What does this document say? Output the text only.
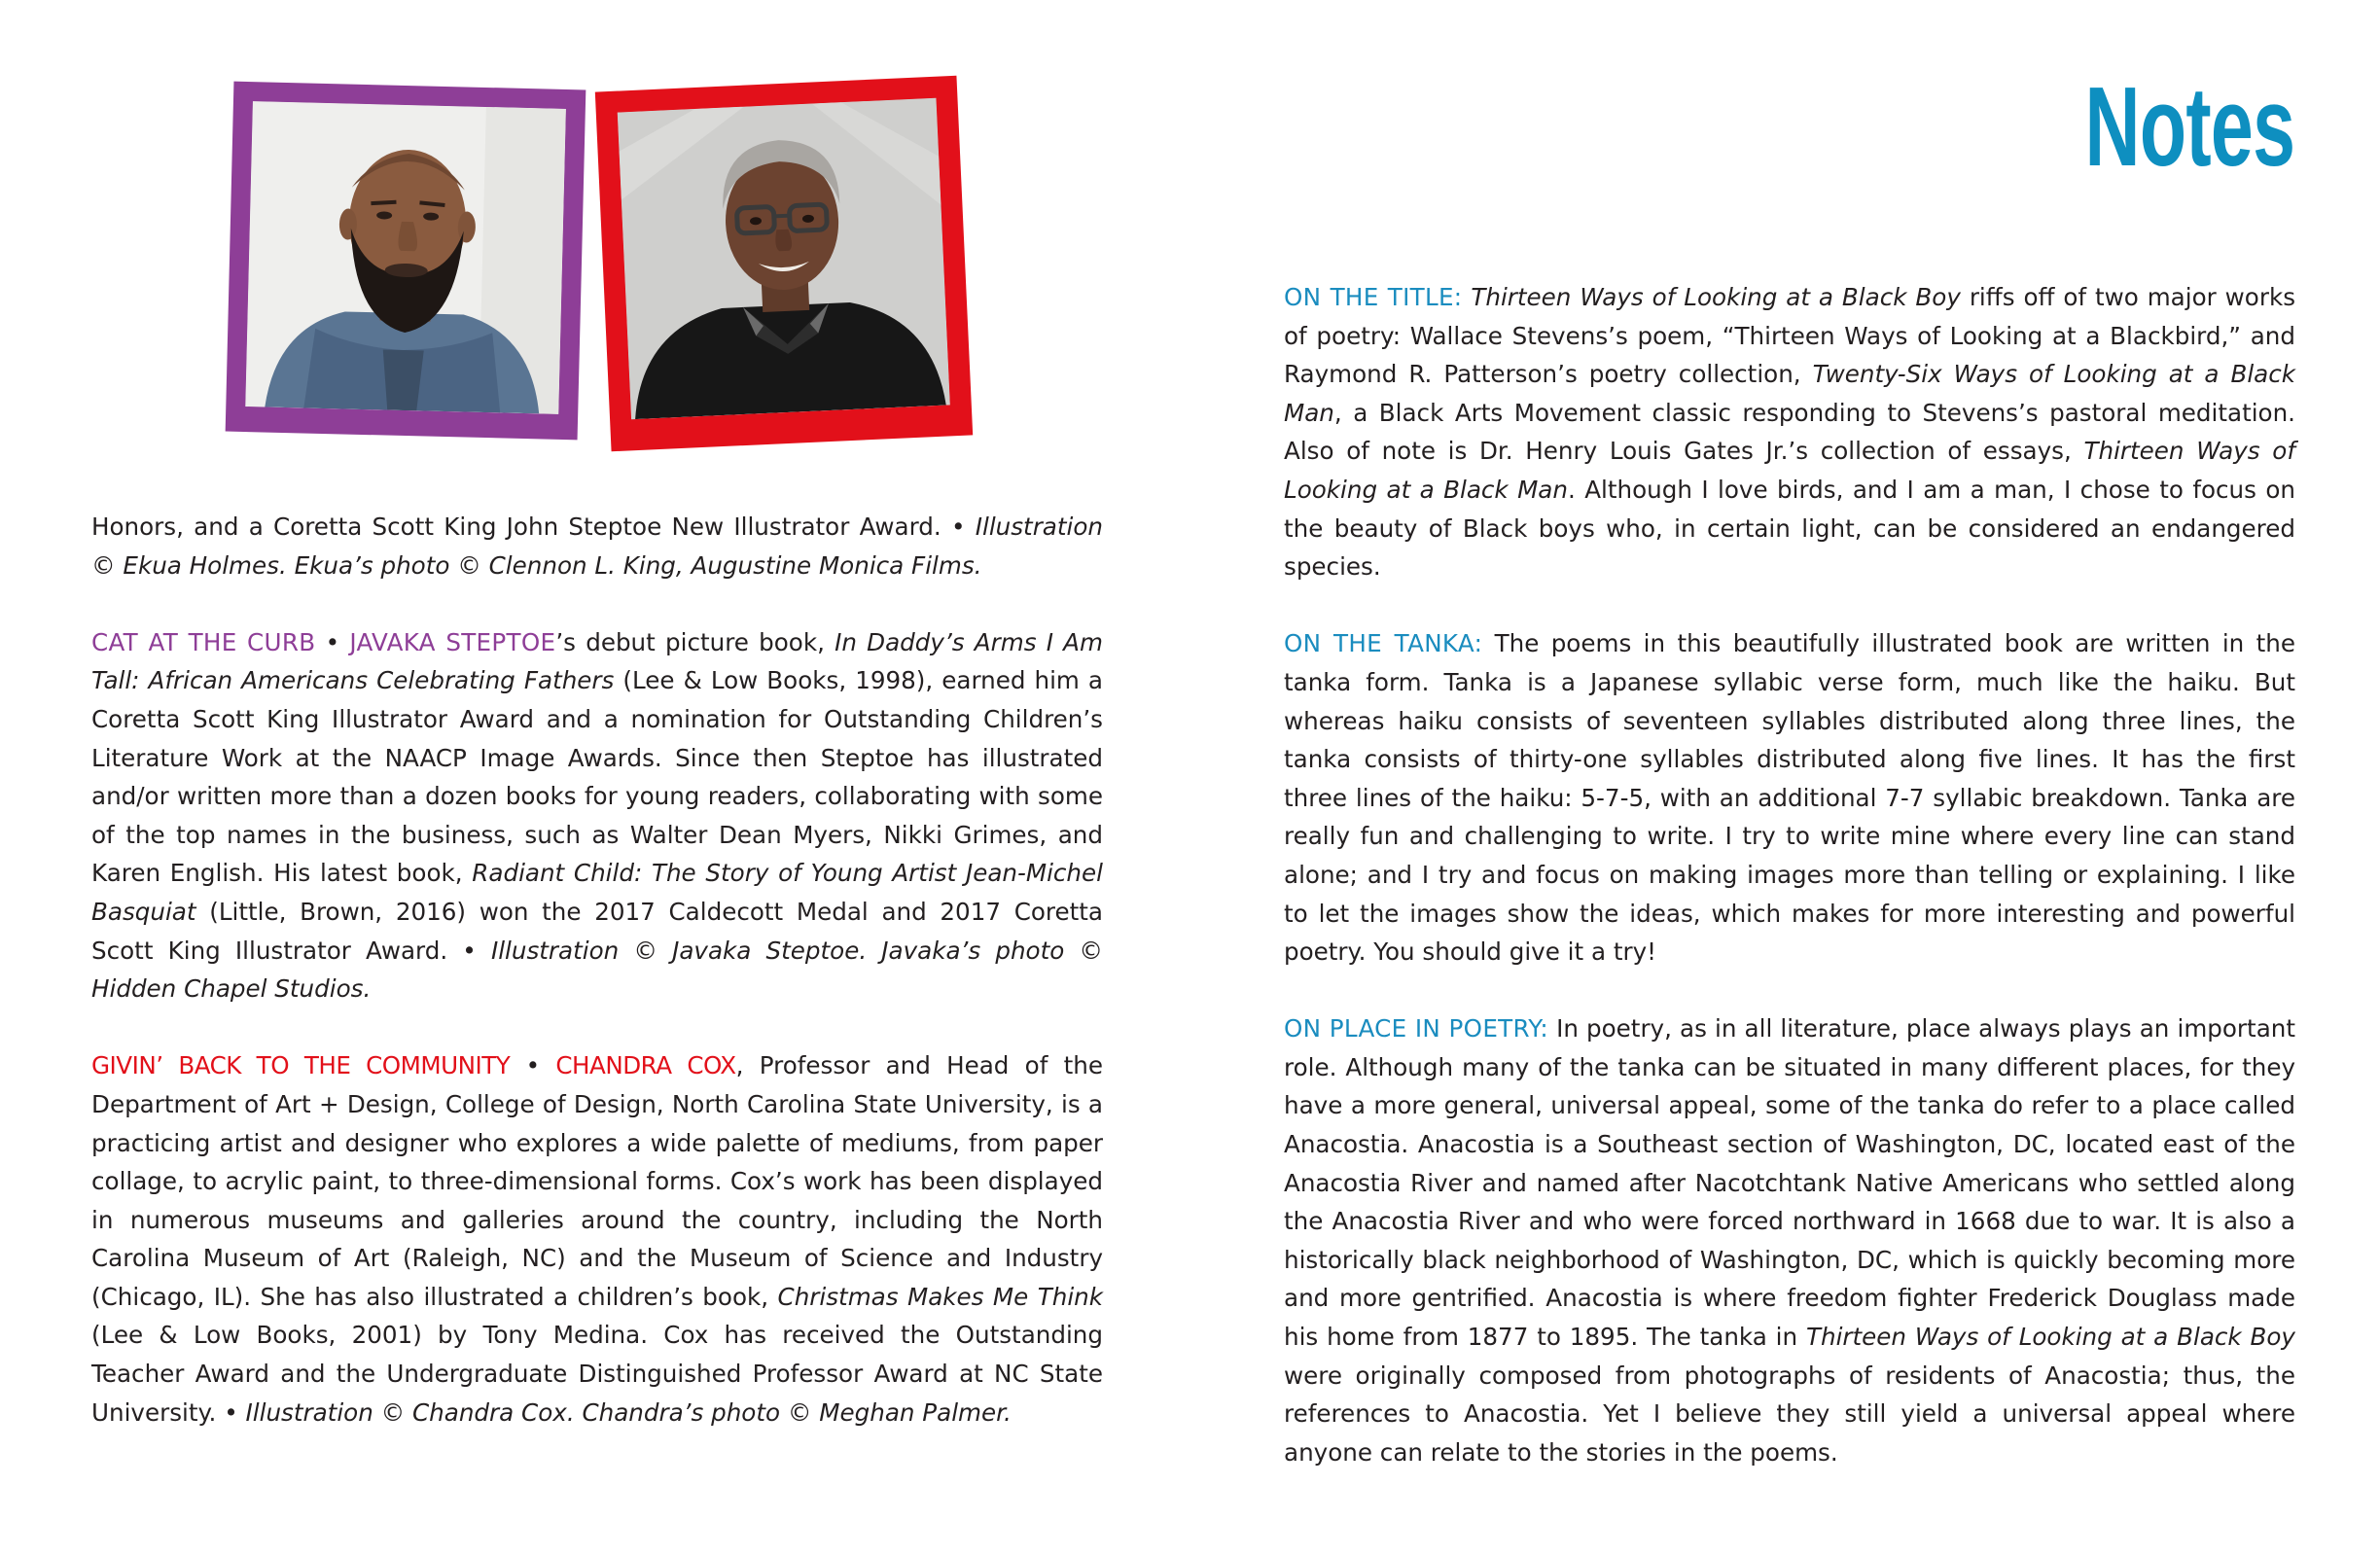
Honors, and a Coretta Scott King John Steptoe New Illustrator Award. • Illustration © Ekua Holmes. Ekua’s photo © Clennon L. King, Augustine Monica Films.

CAT AT THE CURB • JAVAKA STEPTOE’s debut picture book, In Daddy’s Arms I Am Tall: African Americans Celebrating Fathers (Lee & Low Books, 1998), earned him a Coretta Scott King Illustrator Award and a nomination for Outstanding Children’s Literature Work at the NAACP Image Awards. Since then Steptoe has illustrated and/or written more than a dozen books for young readers, collaborating with some of the top names in the business, such as Walter Dean Myers, Nikki Grimes, and Karen English. His latest book, Radiant Child: The Story of Young Artist Jean-Michel Basquiat (Little, Brown, 2016) won the 2017 Caldecott Medal and 2017 Coretta Scott King Illustrator Award. • Illustration © Javaka Steptoe. Javaka’s photo © Hidden Chapel Studios.

GIVIN’ BACK TO THE COMMUNITY • CHANDRA COX, Professor and Head of the Department of Art + Design, College of Design, North Carolina State University, is a practicing artist and designer who explores a wide palette of mediums, from paper collage, to acrylic paint, to three-dimensional forms. Cox’s work has been displayed in numerous museums and galleries around the country, including the North Carolina Museum of Art (Raleigh, NC) and the Museum of Science and Industry (Chicago, IL). She has also illustrated a children’s book, Christmas Makes Me Think (Lee & Low Books, 2001) by Tony Medina. Cox has received the Outstanding Teacher Award and the Undergraduate Distinguished Professor Award at NC State University. • Illustration © Chandra Cox. Chandra’s photo © Meghan Palmer.

Notes

ON THE TITLE: Thirteen Ways of Looking at a Black Boy riffs off of two major works of poetry: Wallace Stevens’s poem, “Thirteen Ways of Looking at a Blackbird,” and Raymond R. Patterson’s poetry collection, Twenty-Six Ways of Looking at a Black Man, a Black Arts Movement classic responding to Stevens’s pastoral meditation. Also of note is Dr. Henry Louis Gates Jr.’s collection of essays, Thirteen Ways of Looking at a Black Man. Although I love birds, and I am a man, I chose to focus on the beauty of Black boys who, in certain light, can be considered an endangered species.

ON THE TANKA: The poems in this beautifully illustrated book are written in the tanka form. Tanka is a Japanese syllabic verse form, much like the haiku. But whereas haiku consists of seventeen syllables distributed along three lines, the tanka consists of thirty-one syllables distributed along five lines. It has the first three lines of the haiku: 5-7-5, with an additional 7-7 syllabic breakdown. Tanka are really fun and challenging to write. I try to write mine where every line can stand alone; and I try and focus on making images more than telling or explaining. I like to let the images show the ideas, which makes for more interesting and powerful poetry. You should give it a try!

ON PLACE IN POETRY: In poetry, as in all literature, place always plays an important role. Although many of the tanka can be situated in many different places, for they have a more general, universal appeal, some of the tanka do refer to a place called Anacostia. Anacostia is a Southeast section of Washington, DC, located east of the Anacostia River and named after Nacotchtank Native Americans who settled along the Anacostia River and who were forced northward in 1668 due to war. It is also a historically black neighborhood of Washington, DC, which is quickly becoming more and more gentrified. Anacostia is where freedom fighter Frederick Douglass made his home from 1877 to 1895. The tanka in Thirteen Ways of Looking at a Black Boy were originally composed from photographs of residents of Anacostia; thus, the references to Anacostia. Yet I believe they still yield a universal appeal where anyone can relate to the stories in the poems.
